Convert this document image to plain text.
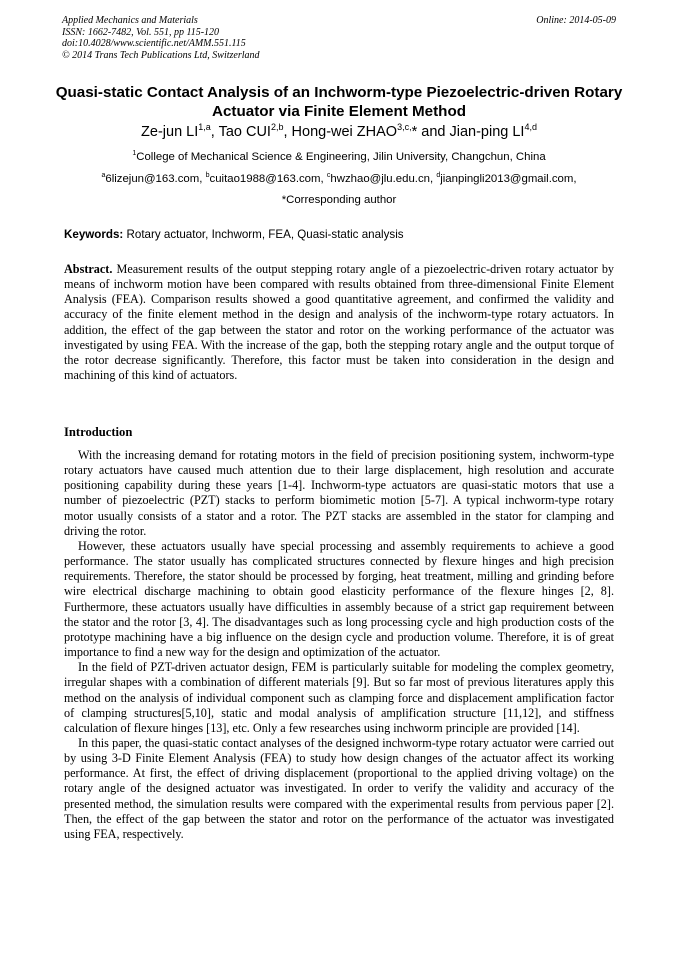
Applied Mechanics and Materials
ISSN: 1662-7482, Vol. 551, pp 115-120
doi:10.4028/www.scientific.net/AMM.551.115
© 2014 Trans Tech Publications Ltd, Switzerland
Online: 2014-05-09
Quasi-static Contact Analysis of an Inchworm-type Piezoelectric-driven Rotary Actuator via Finite Element Method
Ze-jun LI$^{1,a}$, Tao CUI$^{2,b}$, Hong-wei $ZHAO^{3,c,}*$ and Jian-ping LI$^{4,d}$
$^1$College of Mechanical Science & Engineering, Jilin University, Changchun, China
$^a$6lizejun@163.com, $^b$cuitao1988@163.com, $^c$hwzhao@jlu.edu.cn, $^d$jianpingli2013@gmail.com,
*Corresponding author
Keywords: Rotary actuator, Inchworm, FEA, Quasi-static analysis

Abstract. Measurement results of the output stepping rotary angle of a piezoelectric-driven rotary actuator by means of inchworm motion have been compared with results obtained from three-dimensional Finite Element Analysis (FEA). Comparison results showed a good quantitative agreement, and confirmed the validity and accuracy of the finite element method in the design and analysis of the inchworm-type rotary actuators. In addition, the effect of the gap between the stator and rotor on the working performance of the actuator was investigated by using FEA. With the increase of the gap, both the stepping rotary angle and the output torque of the rotor decrease significantly. Therefore, this factor must be taken into consideration in the design and machining of this kind of actuators.

Introduction

With the increasing demand for rotating motors in the field of precision positioning system, inchworm-type rotary actuators have caused much attention due to their large displacement, high resolution and accurate positioning capability during these years [1-4]. Inchworm-type actuators are quasi-static motors that use a number of piezoelectric (PZT) stacks to perform biomimetic motion [5-7]. A typical inchworm-type rotary motor usually consists of a stator and a rotor. The PZT stacks are assembled in the stator for clamping and driving the rotor.

However, these actuators usually have special processing and assembly requirements to achieve a good performance. The stator usually has complicated structures connected by flexure hinges and high precision requirements. Therefore, the stator should be processed by forging, heat treatment, milling and grinding before wire electrical discharge machining to obtain good elasticity performance of the flexure hinges [2, 8]. Furthermore, these actuators usually have difficulties in assembly because of a strict gap requirement between the stator and the rotor [3, 4]. The disadvantages such as long processing cycle and high production costs of the prototype machining have a big influence on the design cycle and production volume. Therefore, it is of great importance to find a new way for the design and optimization of the actuator.

In the field of PZT-driven actuator design, FEM is particularly suitable for modeling the complex geometry, irregular shapes with a combination of different materials [9]. But so far most of previous literatures apply this method on the analysis of individual component such as clamping force and displacement amplification factor of clamping structures[5,10], static and modal analysis of amplification structure [11,12], and stiffness calculation of flexure hinges [13], etc. Only a few researches using inchworm principle are provided [14].

In this paper, the quasi-static contact analyses of the designed inchworm-type rotary actuator were carried out by using 3-D Finite Element Analysis (FEA) to study how design changes of the actuator affect its working performance. At first, the effect of driving displacement (proportional to the applied driving voltage) on the rotary angle of the designed actuator was investigated. In order to verify the validity and accuracy of the presented method, the simulation results were compared with the experimental results from pervious paper [2]. Then, the effect of the gap between the stator and rotor on the performance of the actuator was investigated using FEA, respectively.
